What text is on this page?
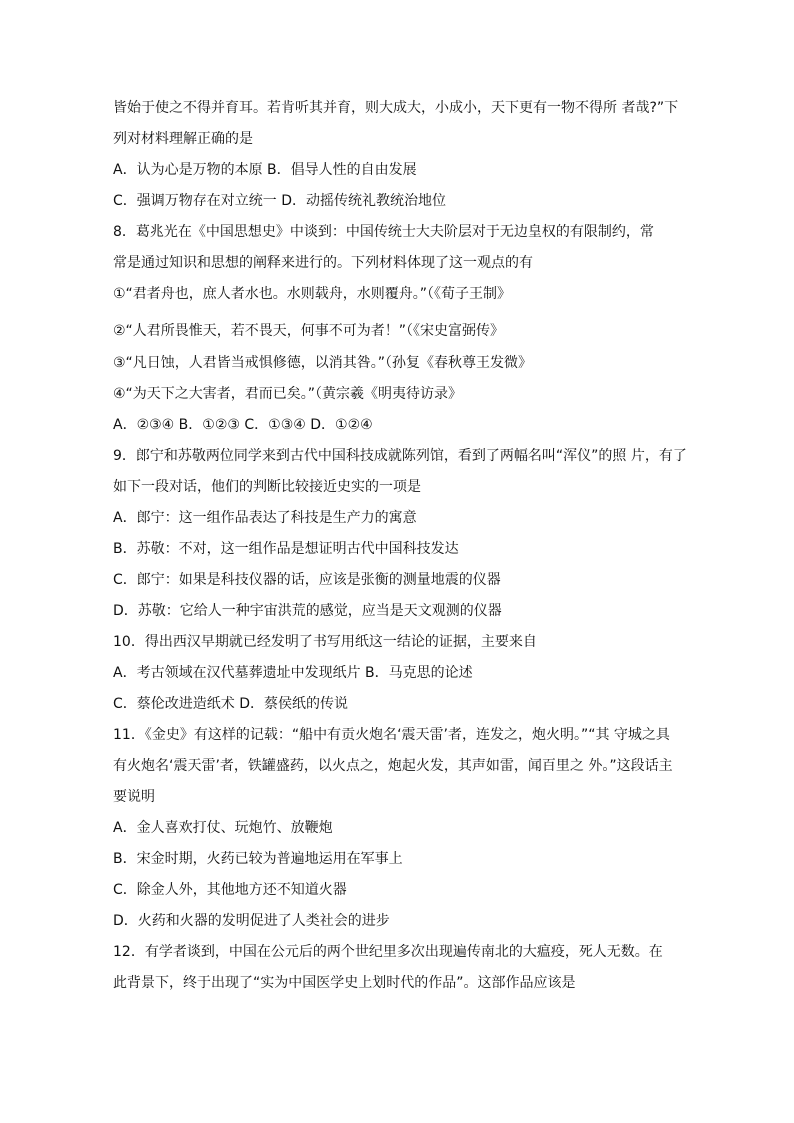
皆始于使之不得并育耳。若肯听其并育，则大成大，小成小，天下更有一物不得所 者哉?”下

列对材料理解正确的是

A．认为心是万物的本原 B．倡导人性的自由发展

C．强调万物存在对立统一 D．动摇传统礼教统治地位

8．葛兆光在《中国思想史》中谈到：中国传统士大夫阶层对于无边皇权的有限制约，常

常是通过知识和思想的阐释来进行的。下列材料体现了这一观点的有

①“君者舟也，庶人者水也。水则载舟，水则覆舟。”（《荀子王制》

②“人君所畏惟天，若不畏天，何事不可为者！”（《宋史富弼传》

③“凡日蚀，人君皆当戒惧修德，以消其咎。”（孙复《春秋尊王发微》

④“为天下之大害者，君而已矣。”（黄宗羲《明夷待访录》

A．②③④ B．①②③ C．①③④ D．①②④

9．郎宁和苏敬两位同学来到古代中国科技成就陈列馆，看到了两幅名叫“浑仪”的照 片，有了

如下一段对话，他们的判断比较接近史实的一项是

A．郎宁：这一组作品表达了科技是生产力的寓意

B．苏敬：不对，这一组作品是想证明古代中国科技发达

C．郎宁：如果是科技仪器的话，应该是张衡的测量地震的仪器

D．苏敬：它给人一种宇宙洪荒的感觉，应当是天文观测的仪器

10．得出西汉早期就已经发明了书写用纸这一结论的证据，主要来自

A．考古领域在汉代墓葬遗址中发现纸片 B．马克思的论述

C．蔡伦改进造纸术 D．蔡侯纸的传说

11．《金史》有这样的记载：“船中有贡火炮名‘震天雷’者，连发之，炮火明。”“其 守城之具

有火炮名‘震天雷’者，铁罐盛药，以火点之，炮起火发，其声如雷，闻百里之 外。”这段话主

要说明

A．金人喜欢打仗、玩炮竹、放鞭炮

B．宋金时期，火药已较为普遍地运用在军事上

C．除金人外，其他地方还不知道火器

D．火药和火器的发明促进了人类社会的进步

12．有学者谈到，中国在公元后的两个世纪里多次出现遍传南北的大瘟疫，死人无数。在

此背景下，终于出现了“实为中国医学史上划时代的作品”。这部作品应该是
